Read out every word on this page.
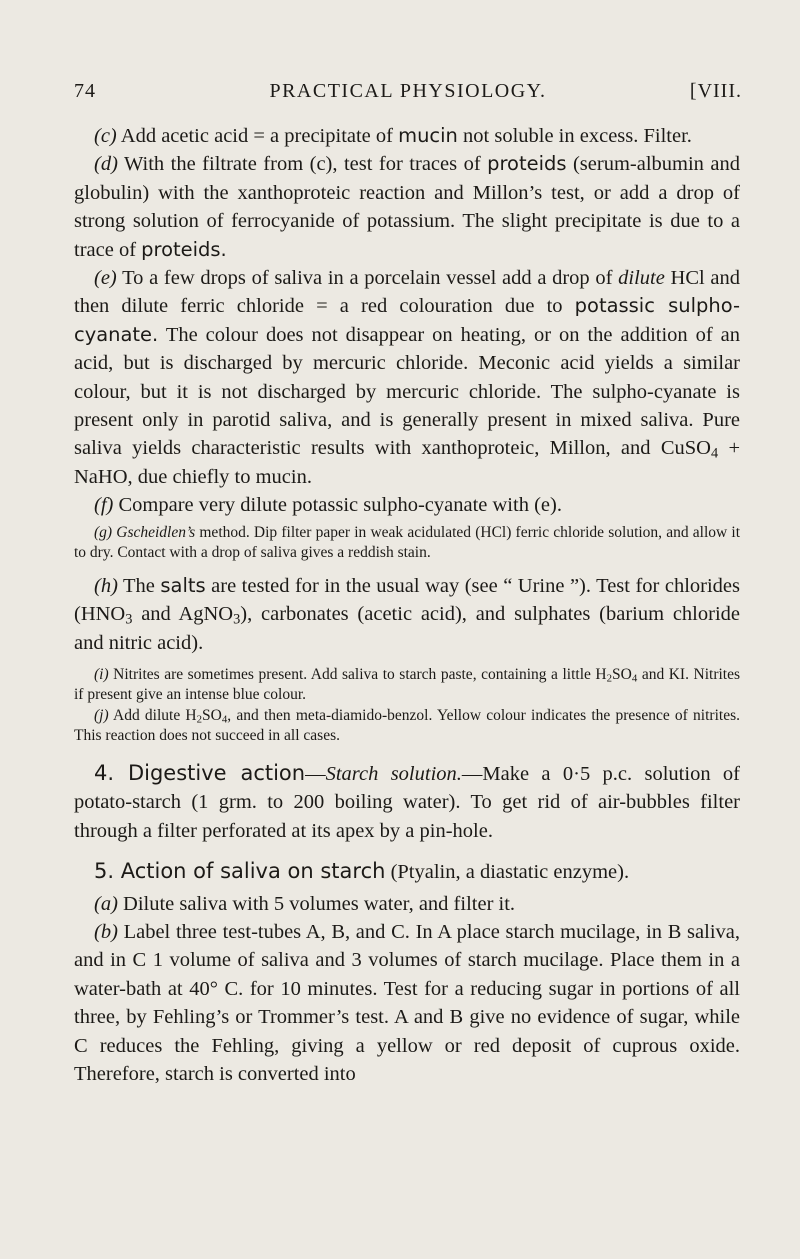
74	PRACTICAL PHYSIOLOGY.	[VIII.

(c) Add acetic acid = a precipitate of mucin not soluble in excess. Filter.

(d) With the filtrate from (c), test for traces of proteids (serum-albumin and globulin) with the xanthoproteic reaction and Millon’s test, or add a drop of strong solution of ferrocyanide of potassium. The slight precipitate is due to a trace of proteids.

(e) To a few drops of saliva in a porcelain vessel add a drop of dilute HCl and then dilute ferric chloride = a red colouration due to potassic sulpho-cyanate. The colour does not disappear on heating, or on the addition of an acid, but is discharged by mercuric chloride. Meconic acid yields a similar colour, but it is not discharged by mercuric chloride. The sulpho-cyanate is present only in parotid saliva, and is generally present in mixed saliva. Pure saliva yields characteristic results with xanthoproteic, Millon, and CuSO$_4$ + NaHO, due chiefly to mucin.

(f) Compare very dilute potassic sulpho-cyanate with (e).

(g) Gscheidlen’s method. Dip filter paper in weak acidulated (HCl) ferric chloride solution, and allow it to dry. Contact with a drop of saliva gives a reddish stain.

(h) The salts are tested for in the usual way (see “ Urine ”). Test for chlorides ($HNO_3$ and AgNO$_3$), carbonates (acetic acid), and sulphates (barium chloride and nitric acid).

(i) Nitrites are sometimes present. Add saliva to starch paste, containing a little $H_2SO_4$ and KI. Nitrites if present give an intense blue colour.

(j) Add dilute $H_2SO_4$, and then meta-diamido-benzol. Yellow colour indicates the presence of nitrites. This reaction does not succeed in all cases.

4. Digestive action—Starch solution.—Make a 0·5 p.c. solution of potato-starch (1 grm. to 200 boiling water). To get rid of air-bubbles filter through a filter perforated at its apex by a pin-hole.

5. Action of saliva on starch (Ptyalin, a diastatic enzyme).

(a) Dilute saliva with 5 volumes water, and filter it.

(b) Label three test-tubes A, B, and C. In A place starch mucilage, in B saliva, and in C 1 volume of saliva and 3 volumes of starch mucilage. Place them in a water-bath at 40° C. for 10 minutes. Test for a reducing sugar in portions of all three, by Fehling’s or Trommer’s test. A and B give no evidence of sugar, while C reduces the Fehling, giving a yellow or red deposit of cuprous oxide. Therefore, starch is converted into
